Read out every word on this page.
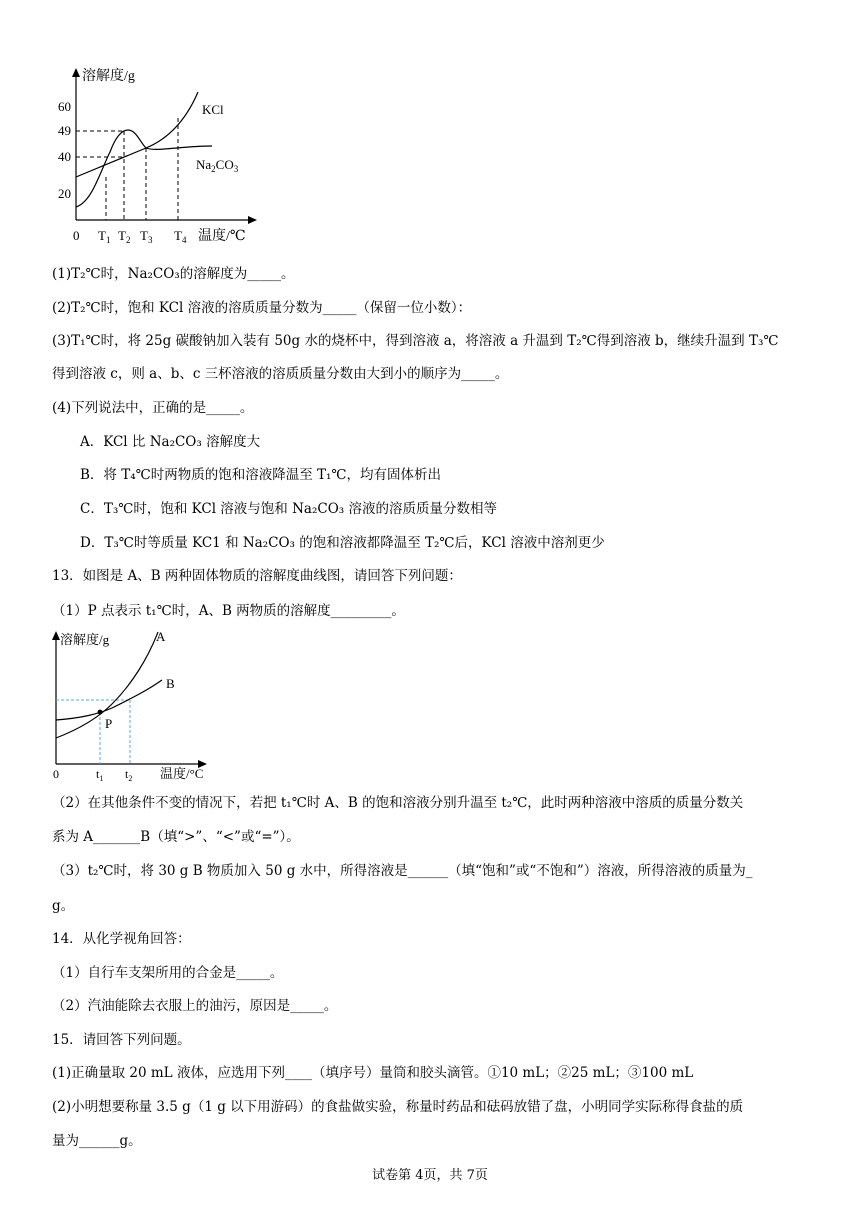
溶解度/g
60
49
40
20
KCl
$Na_2CO_3$
0 $T_1$ $T_2$ $T_3$ $T_4$ 温度/℃
(1)T₂℃时，Na₂CO₃的溶解度为_____。
(2)T₂℃时，饱和 KCl 溶液的溶质质量分数为_____（保留一位小数）：
(3)T₁℃时，将 25g 碳酸钠加入装有 50g 水的烧杯中，得到溶液 a，将溶液 a 升温到 T₂℃得到溶液 b，继续升温到 T₃℃
得到溶液 c，则 a、b、c 三杯溶液的溶质质量分数由大到小的顺序为_____。
(4)下列说法中，正确的是_____。
A．KCl 比 Na₂CO₃ 溶解度大
B．将 T₄℃时两物质的饱和溶液降温至 T₁℃，均有固体析出
C．T₃℃时，饱和 KCl 溶液与饱和 Na₂CO₃ 溶液的溶质质量分数相等
D．T₃℃时等质量 KC1 和 Na₂CO₃ 的饱和溶液都降温至 T₂℃后，KCl 溶液中溶剂更少
13．如图是 A、B 两种固体物质的溶解度曲线图，请回答下列问题：
（1）P 点表示 t₁℃时，A、B 两物质的溶解度_________。
溶解度/g
P
A
B
0	$t_1$ $t_2$ 温度/°C
（2）在其他条件不变的情况下，若把 t₁℃时 A、B 的饱和溶液分别升温至 t₂℃，此时两种溶液中溶质的质量分数关
系为 A_______B（填“>”、“<”或“=”）。
（3）t₂℃时，将 30 g B 物质加入 50 g 水中，所得溶液是______（填“饱和”或“不饱和”）溶液，所得溶液的质量为_
g。
14．从化学视角回答：
（1）自行车支架所用的合金是_____。
（2）汽油能除去衣服上的油污，原因是_____。
15．请回答下列问题。
(1)正确量取 20 mL 液体，应选用下列____（填序号）量筒和胶头滴管。①10 mL；②25 mL；③100 mL
(2)小明想要称量 3.5 g（1 g 以下用游码）的食盐做实验，称量时药品和砝码放错了盘，小明同学实际称得食盐的质
量为______g。
试卷第 4页，共 7页
